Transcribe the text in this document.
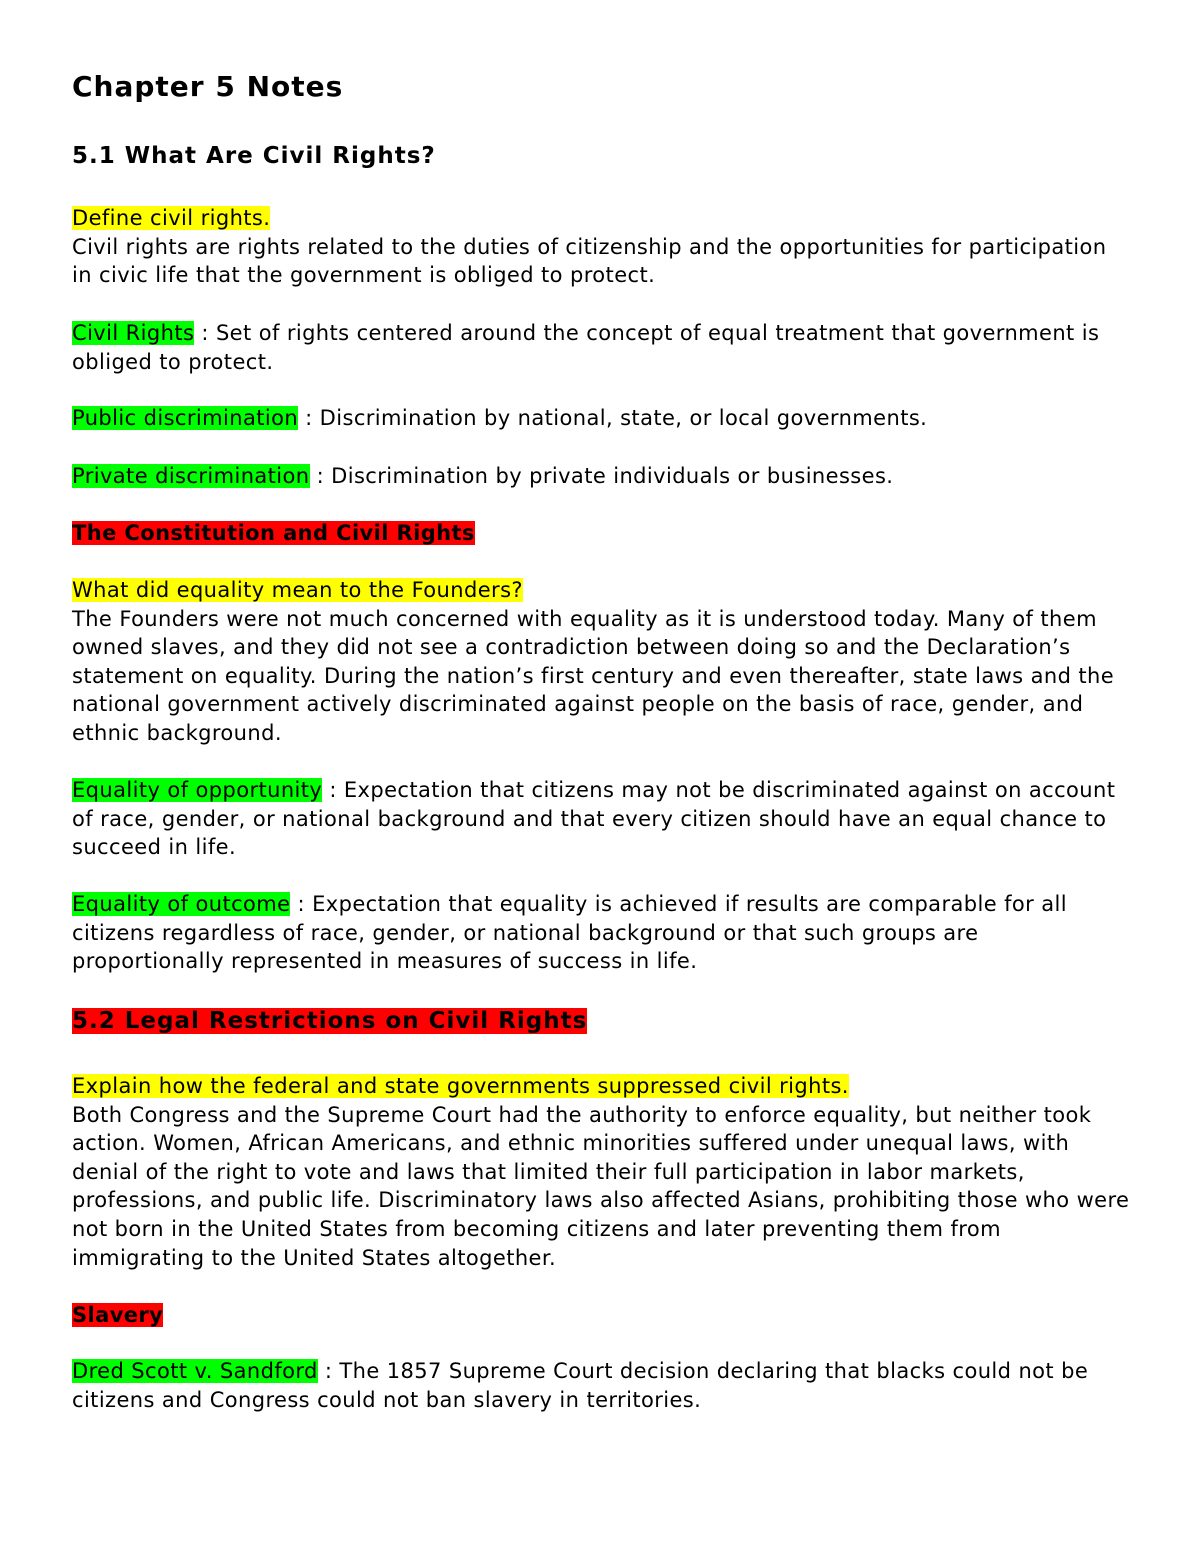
Chapter 5 Notes
5.1 What Are Civil Rights?
Define civil rights.
Civil rights are rights related to the duties of citizenship and the opportunities for participation in civic life that the government is obliged to protect.
Civil Rights : Set of rights centered around the concept of equal treatment that government is obliged to protect.
Public discrimination : Discrimination by national, state, or local governments.
Private discrimination : Discrimination by private individuals or businesses.
The Constitution and Civil Rights
What did equality mean to the Founders?
The Founders were not much concerned with equality as it is understood today. Many of them owned slaves, and they did not see a contradiction between doing so and the Declaration’s statement on equality. During the nation’s first century and even thereafter, state laws and the national government actively discriminated against people on the basis of race, gender, and ethnic background.
Equality of opportunity : Expectation that citizens may not be discriminated against on account of race, gender, or national background and that every citizen should have an equal chance to succeed in life.
Equality of outcome : Expectation that equality is achieved if results are comparable for all citizens regardless of race, gender, or national background or that such groups are proportionally represented in measures of success in life.
5.2 Legal Restrictions on Civil Rights
Explain how the federal and state governments suppressed civil rights.
Both Congress and the Supreme Court had the authority to enforce equality, but neither took action. Women, African Americans, and ethnic minorities suffered under unequal laws, with denial of the right to vote and laws that limited their full participation in labor markets, professions, and public life. Discriminatory laws also affected Asians, prohibiting those who were not born in the United States from becoming citizens and later preventing them from immigrating to the United States altogether.
Slavery
Dred Scott v. Sandford : The 1857 Supreme Court decision declaring that blacks could not be citizens and Congress could not ban slavery in territories.
